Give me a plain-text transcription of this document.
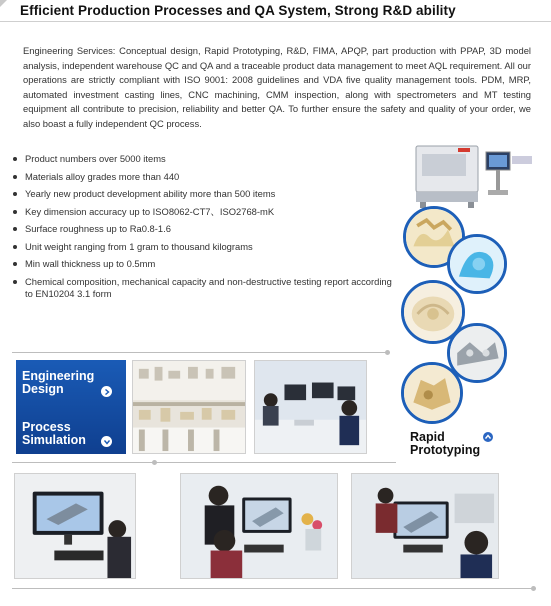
Efficient Production Processes and QA System, Strong R&D ability

Engineering Services: Conceptual design, Rapid Prototyping, R&D, FIMA, APQP, part production with PPAP, 3D model analysis, independent warehouse QC and QA and a traceable product data management to meet AQL requirement. All our operations are strictly compliant with ISO 9001: 2008 guidelines and VDA five quality management tools. PDM, MRP, automated investment casting lines, CNC machining, CMM inspection, along with spectrometers and MT testing equipment all contribute to precision, reliability and better QA. To further ensure the safety and quality of your order, we also boast a fully independent QC process.

Product numbers over 5000 items
Materials alloy grades more than 440
Yearly new product development ability more than 500 items
Key dimension accuracy up to ISO8062-CT7、ISO2768-mK
Surface roughness up to Ra0.8-1.6
Unit weight ranging from 1 gram to thousand kilograms
Min wall thickness up to 0.5mm
Chemical composition, mechanical capacity and non-destructive testing report according to EN10204 3.1 form
Rapid
Prototyping
Engineering
Design
Process
Simulation
